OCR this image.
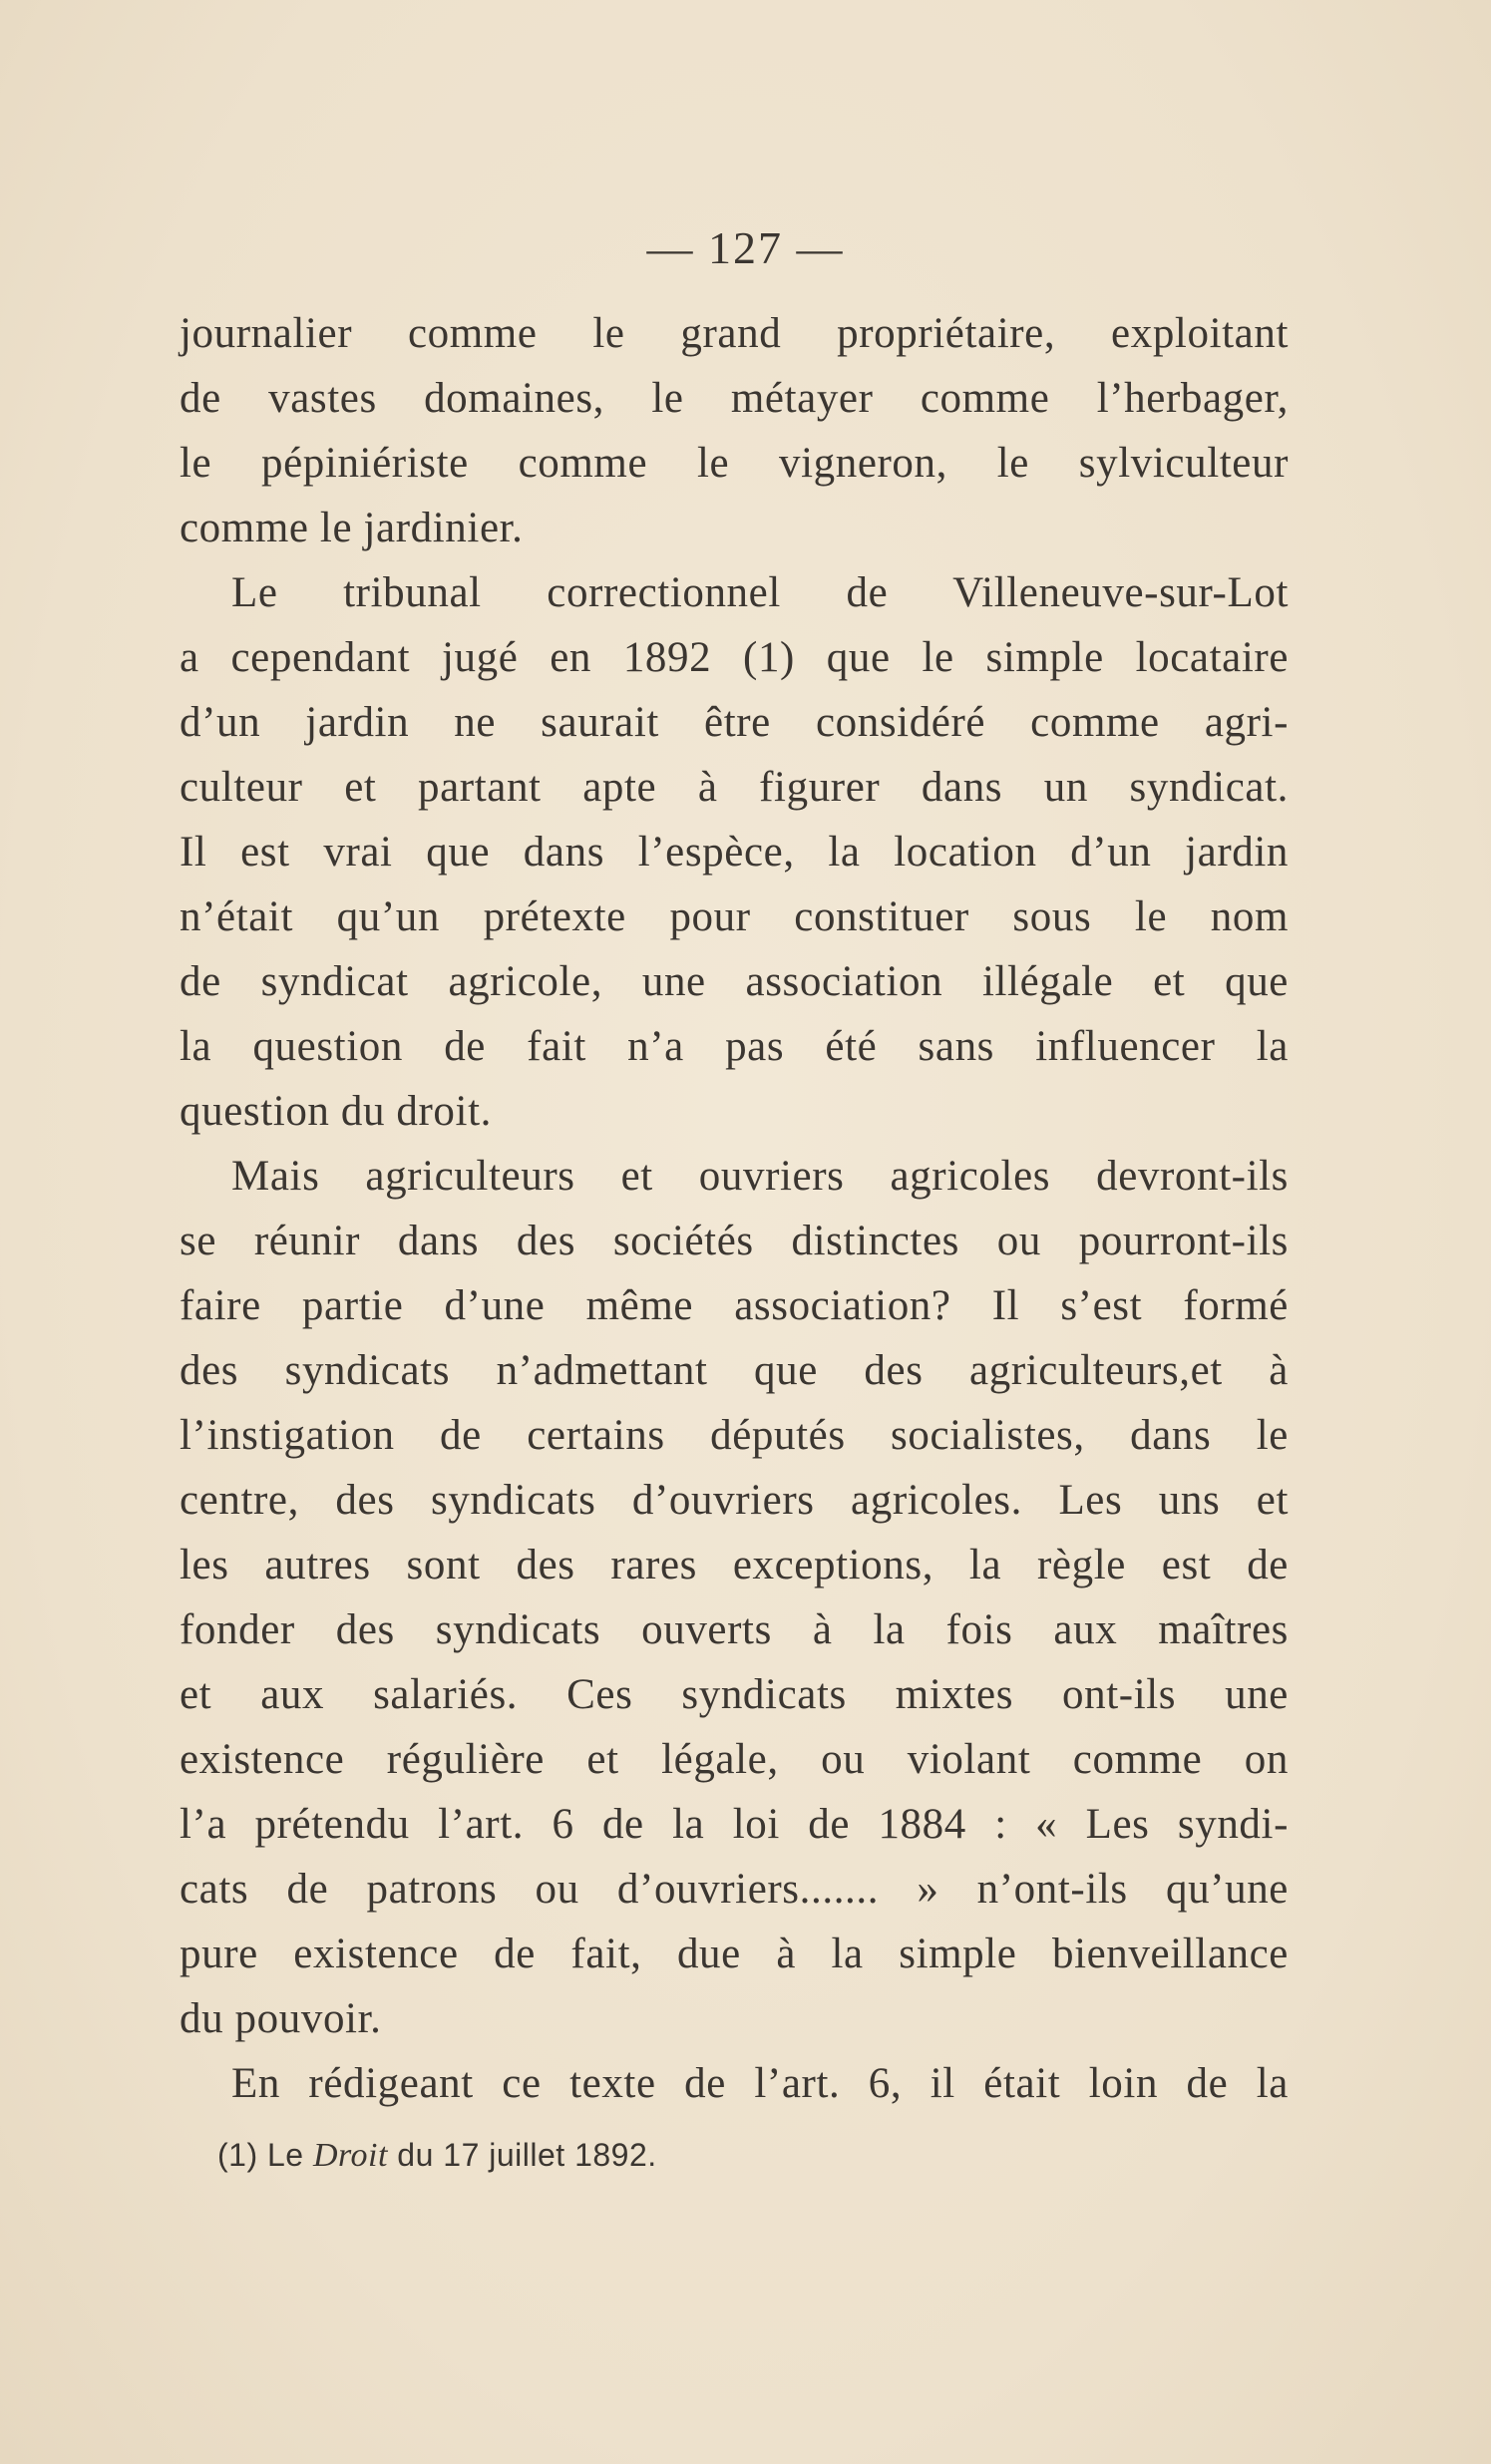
— 127 —
journalier comme le grand propriétaire, exploitant
de vastes domaines, le métayer comme l’herbager,
le pépiniériste comme le vigneron, le sylviculteur
comme le jardinier.
Le tribunal correctionnel de Villeneuve-sur-Lot
a cependant jugé en 1892 (1) que le simple locataire
d’un jardin ne saurait être considéré comme agri-
culteur et partant apte à figurer dans un syndicat.
Il est vrai que dans l’espèce, la location d’un jardin
n’était qu’un prétexte pour constituer sous le nom
de syndicat agricole, une association illégale et que
la question de fait n’a pas été sans influencer la
question du droit.
Mais agriculteurs et ouvriers agricoles devront-ils
se réunir dans des sociétés distinctes ou pourront-ils
faire partie d’une même association? Il s’est formé
des syndicats n’admettant que des agriculteurs,et à
l’instigation de certains députés socialistes, dans le
centre, des syndicats d’ouvriers agricoles. Les uns et
les autres sont des rares exceptions, la règle est de
fonder des syndicats ouverts à la fois aux maîtres
et aux salariés. Ces syndicats mixtes ont-ils une
existence régulière et légale, ou violant comme on
l’a prétendu l’art. 6 de la loi de 1884 : « Les syndi-
cats de patrons ou d’ouvriers....... » n’ont-ils qu’une
pure existence de fait, due à la simple bienveillance
du pouvoir.
En rédigeant ce texte de l’art. 6, il était loin de la
(1) Le Droit du 17 juillet 1892.
